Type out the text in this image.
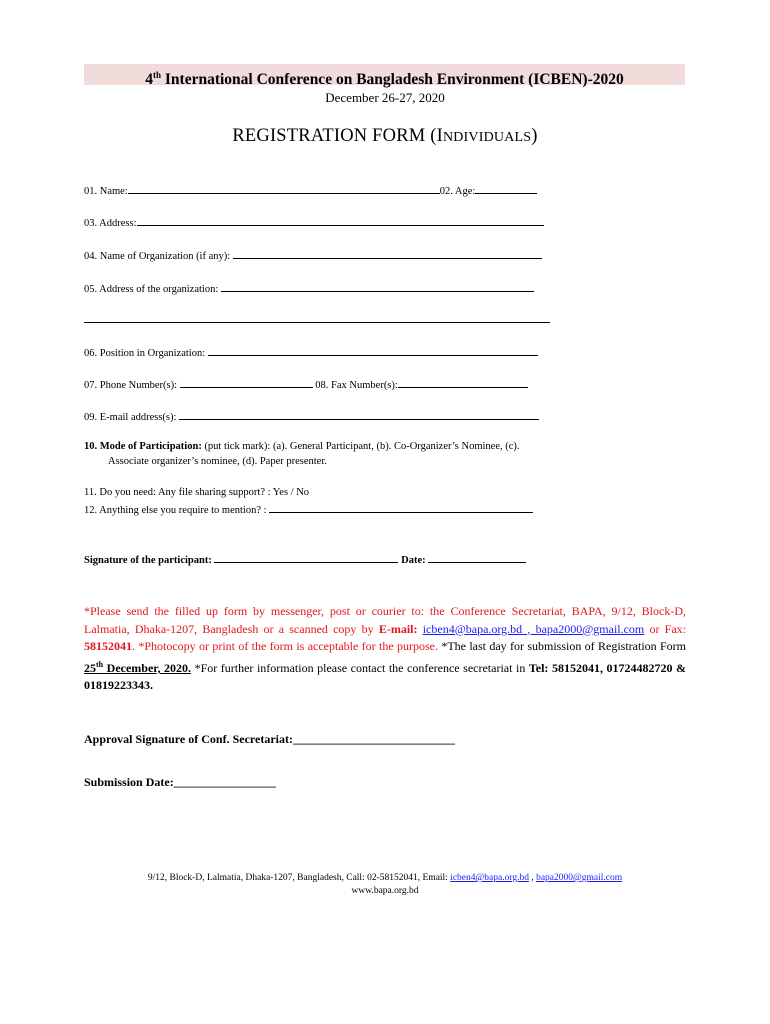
4th International Conference on Bangladesh Environment (ICBEN)-2020
December 26-27, 2020
REGISTRATION FORM (INDIVIDUALS)
01. Name:	02. Age:
03. Address:
04. Name of Organization (if any):
05. Address of the organization:
06. Position in Organization:
07. Phone Number(s):	08. Fax Number(s):
09. E-mail address(s):
10. Mode of Participation: (put tick mark): (a). General Participant, (b). Co-Organizer’s Nominee, (c).
Associate organizer’s nominee, (d). Paper presenter.
11. Do you need: Any file sharing support? : Yes / No
12. Anything else you require to mention? :
Signature of the participant:	Date:
*Please send the filled up form by messenger, post or courier to: the Conference Secretariat, BAPA, 9/12, Block-D, Lalmatia, Dhaka-1207, Bangladesh or a scanned copy by E-mail: icben4@bapa.org.bd , bapa2000@gmail.com or Fax: 58152041. *Photocopy or print of the form is acceptable for the purpose. *The last day for submission of Registration Form 25th December, 2020. *For further information please contact the conference secretariat in Tel: 58152041, 01724482720 & 01819223343.
Approval Signature of Conf. Secretariat:___________________________
Submission Date:_________________
9/12, Block-D, Lalmatia, Dhaka-1207, Bangladesh, Call: 02-58152041, Email: icben4@bapa.org.bd , bapa2000@gmail.com
www.bapa.org.bd
